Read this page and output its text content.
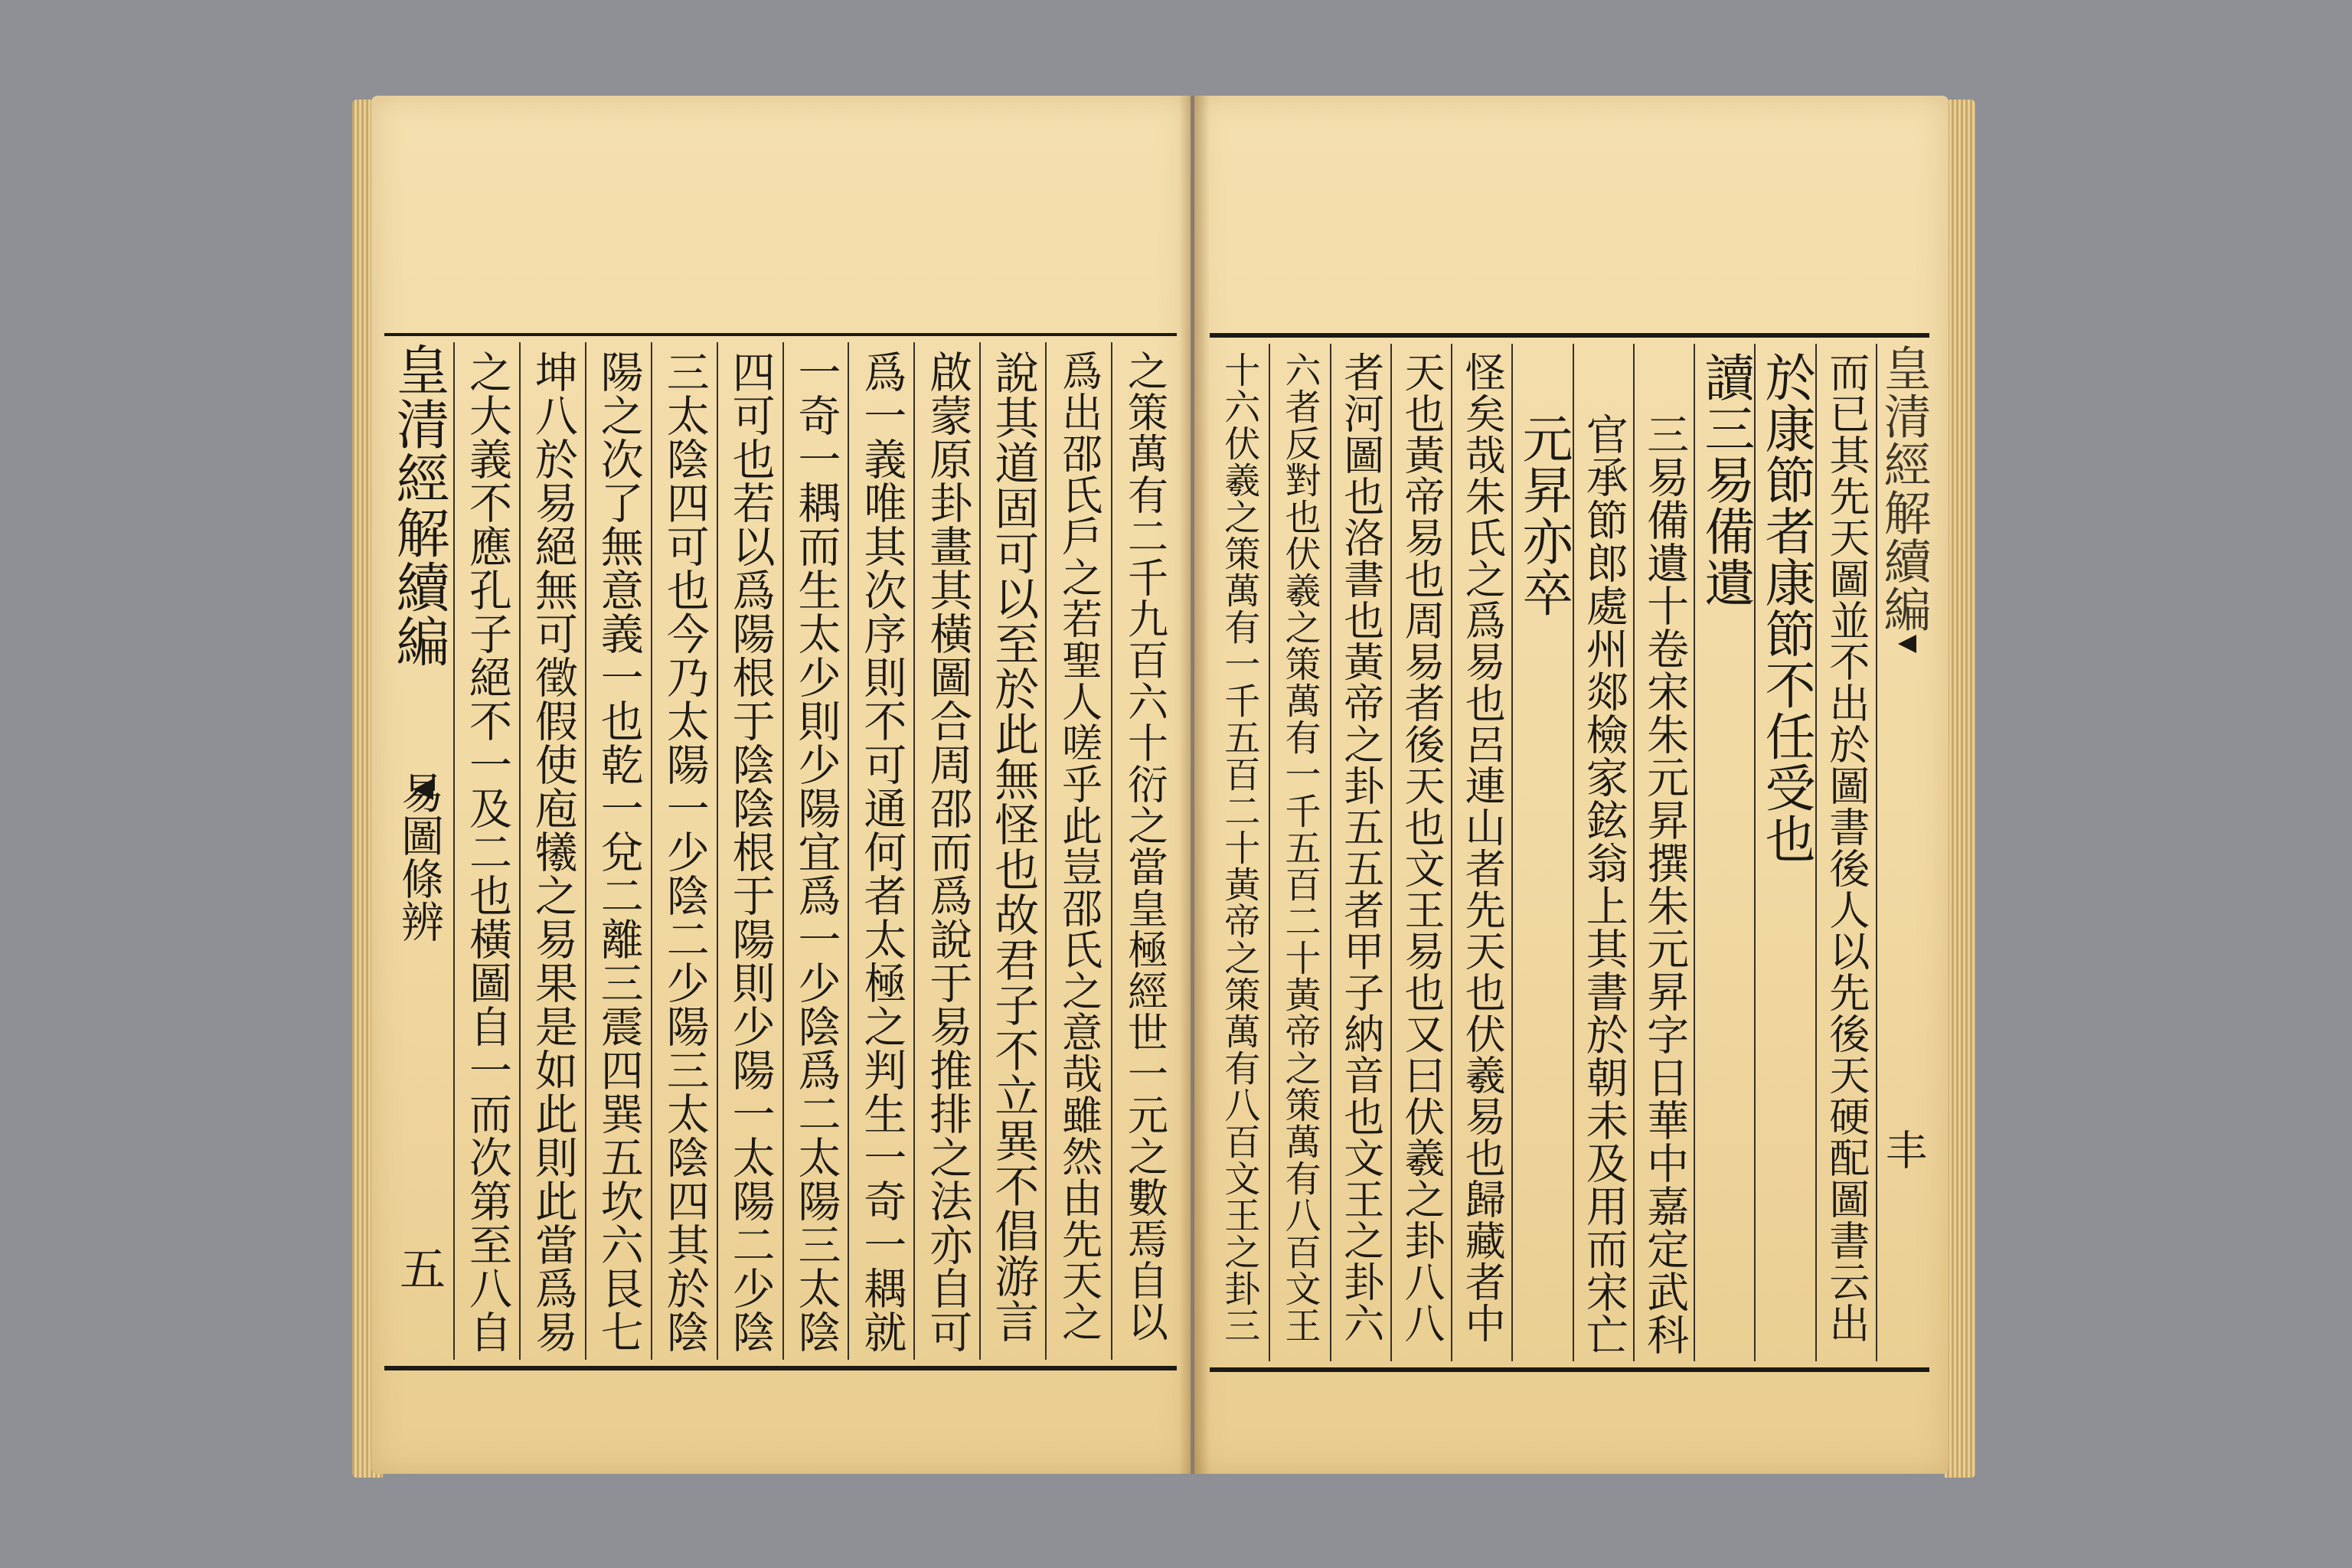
之策萬有二千九百六十衍之當皇極經世一元之數焉自以
爲出邵氏戶之若聖人嗟乎此豈邵氏之意哉雖然由先天之
說其道固可以至於此無怪也故君子不立異不倡游言
啟蒙原卦畫其橫圖合周邵而爲說于易推排之法亦自可
爲一義唯其次序則不可通何者太極之判生一奇一耦就
一奇一耦而生太少則少陽宜爲一少陰爲二太陽三太陰
四可也若以爲陽根于陰陰根于陽則少陽一太陽二少陰
三太陰四可也今乃太陽一少陰二少陽三太陰四其於陰
陽之次了無意義一也乾一兌二離三震四巽五坎六艮七
坤八於易絕無可徵假使庖犧之易果是如此則此當爲易
之大義不應孔子絕不一及二也橫圖自一而次第至八自
皇清經解續編
易圖條辨
五
皇清經解續編
丰
而已其先天圖並不出於圖書後人以先後天硬配圖書云出
於康節者康節不任受也
讀三易備遺
三易備遺十卷宋朱元昇撰朱元昇字日華中嘉定武科
官承節郎處州郯檢家鉉翁上其書於朝未及用而宋亡
元昇亦卒
怪矣哉朱氏之爲易也呂連山者先天也伏羲易也歸藏者中
天也黃帝易也周易者後天也文王易也又曰伏羲之卦八八
者河圖也洛書也黃帝之卦五五者甲子納音也文王之卦六
六者反對也伏羲之策萬有一千五百二十黃帝之策萬有八百文王
十六伏羲之策萬有一千五百二十黃帝之策萬有八百文王之卦三
